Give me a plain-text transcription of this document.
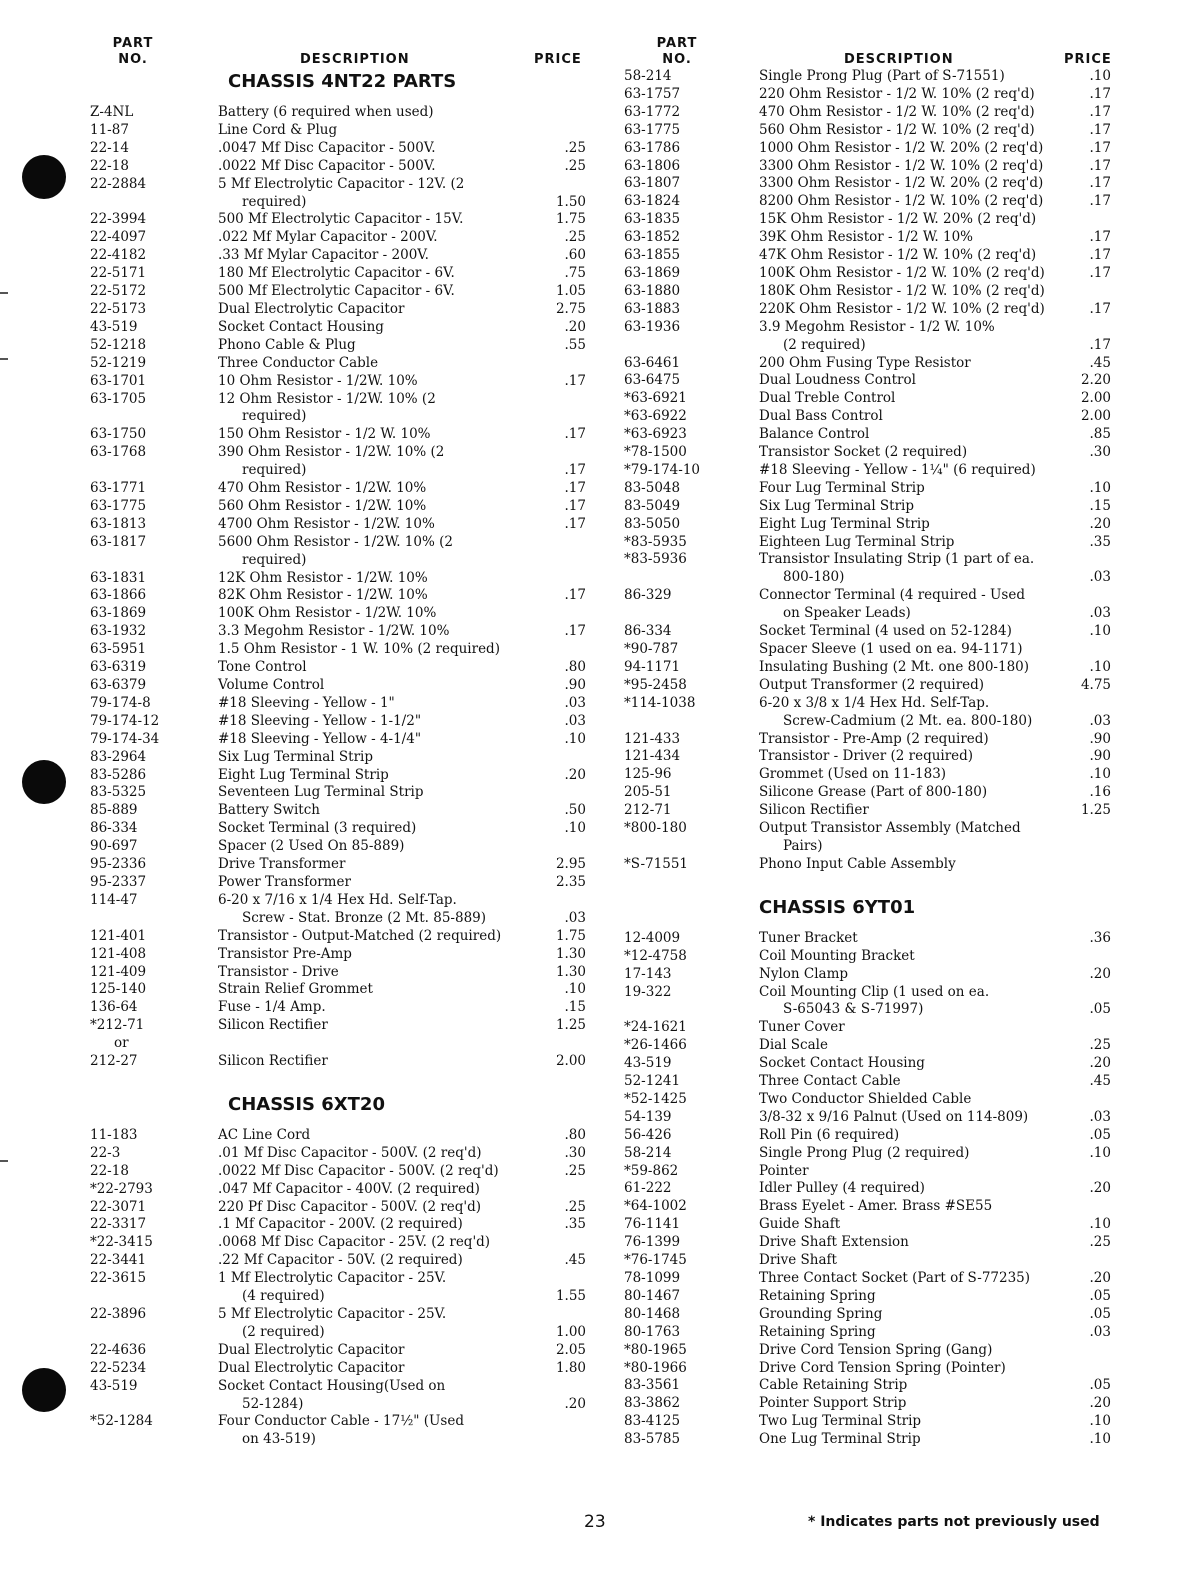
PART
NO.	DESCRIPTION	PRICE
CHASSIS 4NT22 PARTS
Z-4NL	Battery (6 required when used)
11-87	Line Cord & Plug
22-14	.0047 Mf Disc Capacitor - 500V.	.25
22-18	.0022 Mf Disc Capacitor - 500V.	.25
22-2884	5 Mf Electrolytic Capacitor - 12V. (2
required)	1.50
22-3994	500 Mf Electrolytic Capacitor - 15V.	1.75
22-4097	.022 Mf Mylar Capacitor - 200V.	.25
22-4182	.33 Mf Mylar Capacitor - 200V.	.60
22-5171	180 Mf Electrolytic Capacitor - 6V.	.75
22-5172	500 Mf Electrolytic Capacitor - 6V.	1.05
22-5173	Dual Electrolytic Capacitor	2.75
43-519	Socket Contact Housing	.20
52-1218	Phono Cable & Plug	.55
52-1219	Three Conductor Cable
63-1701	10 Ohm Resistor - 1/2W. 10%	.17
63-1705	12 Ohm Resistor - 1/2W. 10% (2
required)
63-1750	150 Ohm Resistor - 1/2 W. 10%	.17
63-1768	390 Ohm Resistor - 1/2W. 10% (2
required)	.17
63-1771	470 Ohm Resistor - 1/2W. 10%	.17
63-1775	560 Ohm Resistor - 1/2W. 10%	.17
63-1813	4700 Ohm Resistor - 1/2W. 10%	.17
63-1817	5600 Ohm Resistor - 1/2W. 10% (2
required)
63-1831	12K Ohm Resistor - 1/2W. 10%
63-1866	82K Ohm Resistor - 1/2W. 10%	.17
63-1869	100K Ohm Resistor - 1/2W. 10%
63-1932	3.3 Megohm Resistor - 1/2W. 10%	.17
63-5951	1.5 Ohm Resistor - 1 W. 10% (2 required)
63-6319	Tone Control	.80
63-6379	Volume Control	.90
79-174-8	#18 Sleeving - Yellow - 1"	.03
79-174-12	#18 Sleeving - Yellow - 1-1/2"	.03
79-174-34	#18 Sleeving - Yellow - 4-1/4"	.10
83-2964	Six Lug Terminal Strip
83-5286	Eight Lug Terminal Strip	.20
83-5325	Seventeen Lug Terminal Strip
85-889	Battery Switch	.50
86-334	Socket Terminal (3 required)	.10
90-697	Spacer (2 Used On 85-889)
95-2336	Drive Transformer	2.95
95-2337	Power Transformer	2.35
114-47	6-20 x 7/16 x 1/4 Hex Hd. Self-Tap.
Screw - Stat. Bronze (2 Mt. 85-889)	.03
121-401	Transistor - Output-Matched (2 required)	1.75
121-408	Transistor Pre-Amp	1.30
121-409	Transistor - Drive	1.30
125-140	Strain Relief Grommet	.10
136-64	Fuse - 1/4 Amp.	.15
*212-71	Silicon Rectifier	1.25
or

212-27	Silicon Rectifier	2.00
CHASSIS 6XT20
11-183	AC Line Cord	.80
22-3	.01 Mf Disc Capacitor - 500V. (2 req'd)	.30
22-18	.0022 Mf Disc Capacitor - 500V. (2 req'd)	.25
*22-2793	.047 Mf Capacitor - 400V. (2 required)
22-3071	220 Pf Disc Capacitor - 500V. (2 req'd)	.25
22-3317	.1 Mf Capacitor - 200V. (2 required)	.35
*22-3415	.0068 Mf Disc Capacitor - 25V. (2 req'd)
22-3441	.22 Mf Capacitor - 50V. (2 required)	.45
22-3615	1 Mf Electrolytic Capacitor - 25V.
(4 required)	1.55
22-3896	5 Mf Electrolytic Capacitor - 25V.
(2 required)	1.00
22-4636	Dual Electrolytic Capacitor	2.05
22-5234	Dual Electrolytic Capacitor	1.80
43-519	Socket Contact Housing(Used on
52-1284)	.20
*52-1284	Four Conductor Cable - 17½" (Used
on 43-519)
PART
NO.	DESCRIPTION	PRICE
58-214	Single Prong Plug (Part of S-71551)	.10
63-1757	220 Ohm Resistor - 1/2 W. 10% (2 req'd)	.17
63-1772	470 Ohm Resistor - 1/2 W. 10% (2 req'd)	.17
63-1775	560 Ohm Resistor - 1/2 W. 10% (2 req'd)	.17
63-1786	1000 Ohm Resistor - 1/2 W. 20% (2 req'd)	.17
63-1806	3300 Ohm Resistor - 1/2 W. 10% (2 req'd)	.17
63-1807	3300 Ohm Resistor - 1/2 W. 20% (2 req'd)	.17
63-1824	8200 Ohm Resistor - 1/2 W. 10% (2 req'd)	.17
63-1835	15K Ohm Resistor - 1/2 W. 20% (2 req'd)
63-1852	39K Ohm Resistor - 1/2 W. 10%	.17
63-1855	47K Ohm Resistor - 1/2 W. 10% (2 req'd)	.17
63-1869	100K Ohm Resistor - 1/2 W. 10% (2 req'd)	.17
63-1880	180K Ohm Resistor - 1/2 W. 10% (2 req'd)
63-1883	220K Ohm Resistor - 1/2 W. 10% (2 req'd)	.17
63-1936	3.9 Megohm Resistor - 1/2 W. 10%
(2 required)	.17
63-6461	200 Ohm Fusing Type Resistor	.45
63-6475	Dual Loudness Control	2.20
*63-6921	Dual Treble Control	2.00
*63-6922	Dual Bass Control	2.00
*63-6923	Balance Control	.85
*78-1500	Transistor Socket (2 required)	.30
*79-174-10	#18 Sleeving - Yellow - 1¼" (6 required)
83-5048	Four Lug Terminal Strip	.10
83-5049	Six Lug Terminal Strip	.15
83-5050	Eight Lug Terminal Strip	.20
*83-5935	Eighteen Lug Terminal Strip	.35
*83-5936	Transistor Insulating Strip (1 part of ea.
800-180)	.03
86-329	Connector Terminal (4 required - Used
on Speaker Leads)	.03
86-334	Socket Terminal (4 used on 52-1284)	.10
*90-787	Spacer Sleeve (1 used on ea. 94-1171)
94-1171	Insulating Bushing (2 Mt. one 800-180)	.10
*95-2458	Output Transformer (2 required)	4.75
*114-1038	6-20 x 3/8 x 1/4 Hex Hd. Self-Tap.
Screw-Cadmium (2 Mt. ea. 800-180)	.03
121-433	Transistor - Pre-Amp (2 required)	.90
121-434	Transistor - Driver (2 required)	.90
125-96	Grommet (Used on 11-183)	.10
205-51	Silicone Grease (Part of 800-180)	.16
212-71	Silicon Rectifier	1.25
*800-180	Output Transistor Assembly (Matched
Pairs)
*S-71551	Phono Input Cable Assembly
CHASSIS 6YT01
12-4009	Tuner Bracket	.36
*12-4758	Coil Mounting Bracket
17-143	Nylon Clamp	.20
19-322	Coil Mounting Clip (1 used on ea.
S-65043 & S-71997)	.05
*24-1621	Tuner Cover
*26-1466	Dial Scale	.25
43-519	Socket Contact Housing	.20
52-1241	Three Contact Cable	.45
*52-1425	Two Conductor Shielded Cable
54-139	3/8-32 x 9/16 Palnut (Used on 114-809)	.03
56-426	Roll Pin (6 required)	.05
58-214	Single Prong Plug (2 required)	.10
*59-862	Pointer
61-222	Idler Pulley (4 required)	.20
*64-1002	Brass Eyelet - Amer. Brass #SE55
76-1141	Guide Shaft	.10
76-1399	Drive Shaft Extension	.25
*76-1745	Drive Shaft
78-1099	Three Contact Socket (Part of S-77235)	.20
80-1467	Retaining Spring	.05
80-1468	Grounding Spring	.05
80-1763	Retaining Spring	.03
*80-1965	Drive Cord Tension Spring (Gang)
*80-1966	Drive Cord Tension Spring (Pointer)
83-3561	Cable Retaining Strip	.05
83-3862	Pointer Support Strip	.20
83-4125	Two Lug Terminal Strip	.10
83-5785	One Lug Terminal Strip	.10
23	* Indicates parts not previously used
